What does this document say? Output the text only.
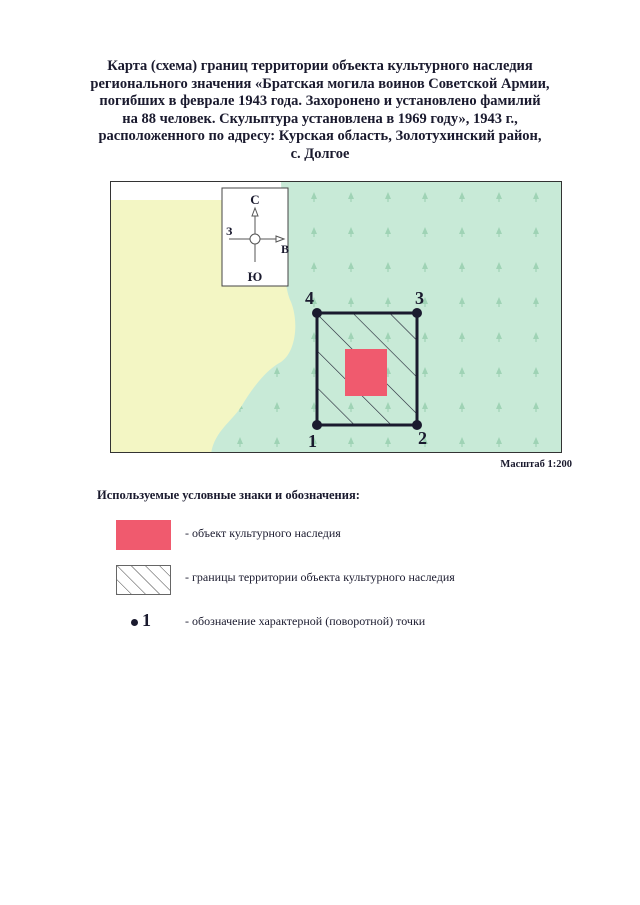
Карта (схема) границ территории объекта культурного наследия
регионального значения «Братская могила воинов Советской Армии,
погибших в феврале 1943 года. Захоронено и установлено фамилий
на 88 человек. Скульптура установлена в 1969 году», 1943 г.,
расположенного по адресу: Курская область, Золотухинский район,
с. Долгое
С
З
В
Ю
1	2
3
4
Масштаб 1:200
Используемые условные знаки и обозначения:
- объект культурного наследия
- границы территории объекта культурного наследия
1	- обозначение характерной (поворотной) точки
